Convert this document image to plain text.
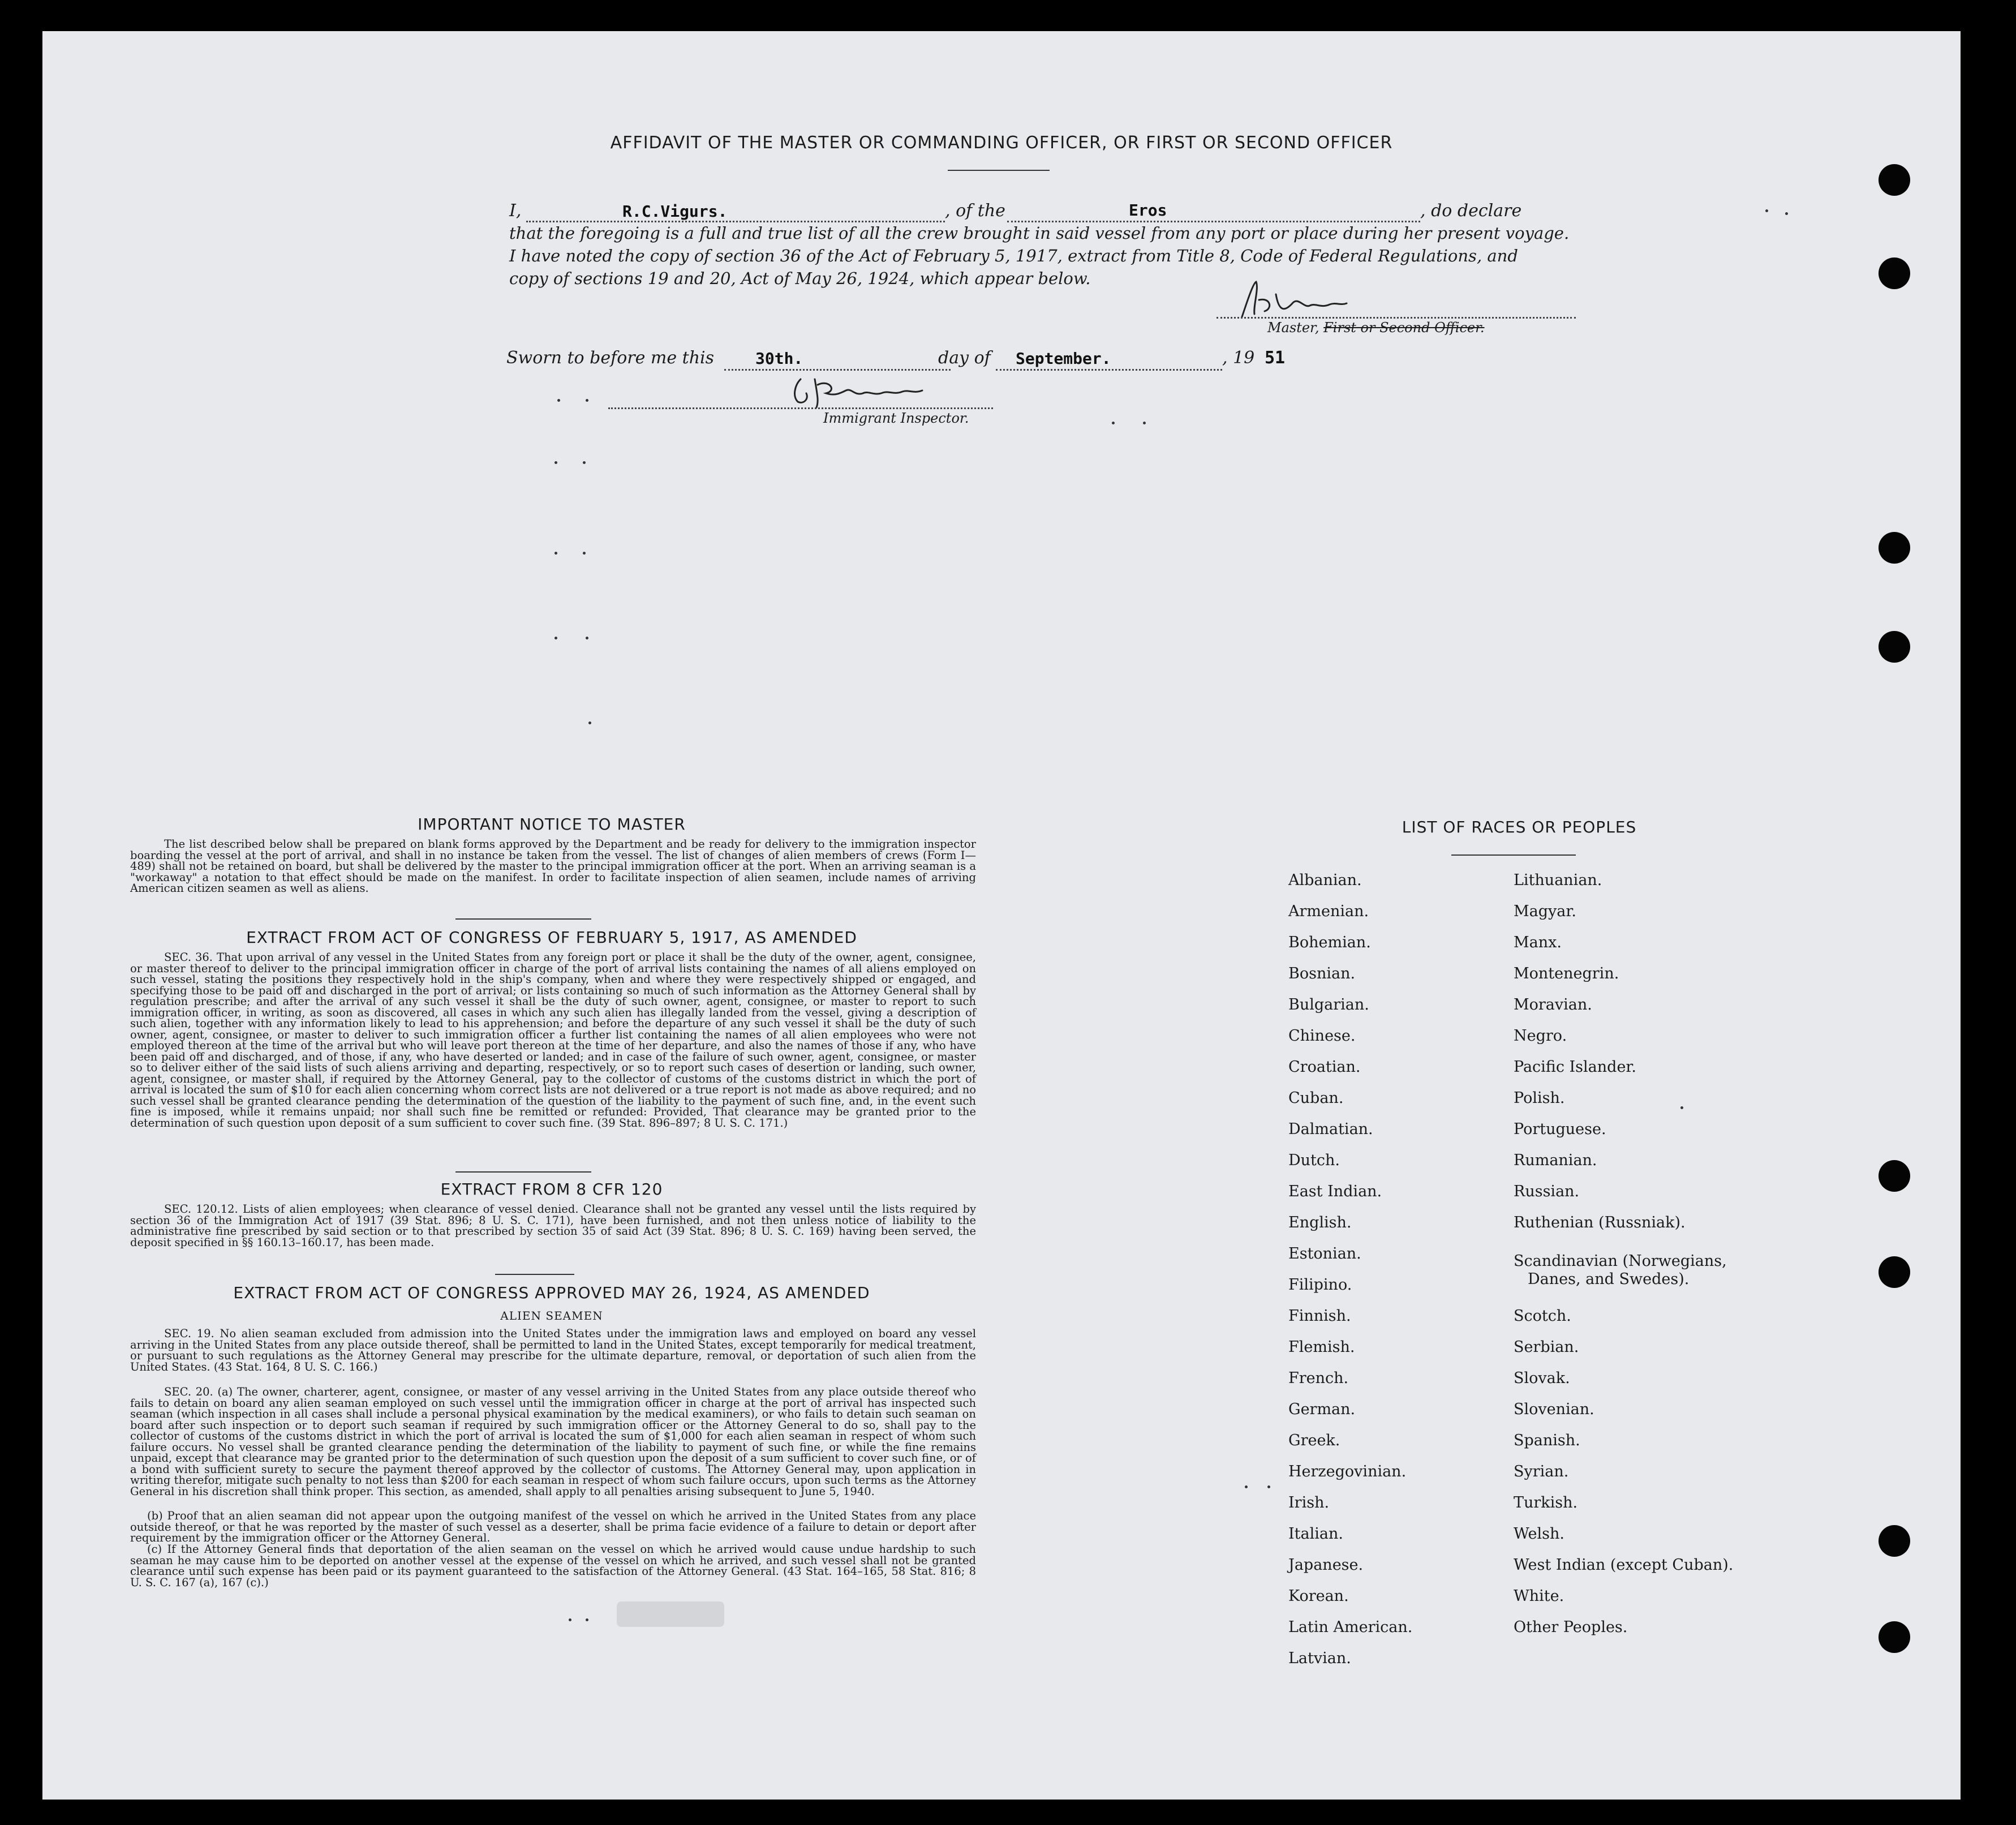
AFFIDAVIT OF THE MASTER OR COMMANDING OFFICER, OR FIRST OR SECOND OFFICER
I,	R.C.Vigurs.	, of the	Eros	, do declare
that the foregoing is a full and true list of all the crew brought in said vessel from any port or place during her present voyage.
I have noted the copy of section 36 of the Act of February 5, 1917, extract from Title 8, Code of Federal Regulations, and
copy of sections 19 and 20, Act of May 26, 1924, which appear below.
Master, First or Second Officer.
Sworn to before me this	30th.	day of September.	, 19 51
Immigrant Inspector.
IMPORTANT NOTICE TO MASTER
The list described below shall be prepared on blank forms approved by the Department and be ready for delivery to the immigration inspector boarding the vessel at the port of arrival, and shall in no instance be taken from the vessel. The list of changes of alien members of crews (Form I—489) shall not be retained on board, but shall be delivered by the master to the principal immigration officer at the port. When an arriving seaman is a "workaway" a notation to that effect should be made on the manifest. In order to facilitate inspection of alien seamen, include names of arriving American citizen seamen as well as aliens.
EXTRACT FROM ACT OF CONGRESS OF FEBRUARY 5, 1917, AS AMENDED
SEC. 36. That upon arrival of any vessel in the United States from any foreign port or place it shall be the duty of the owner, agent, consignee, or master thereof to deliver to the principal immigration officer in charge of the port of arrival lists containing the names of all aliens employed on such vessel, stating the positions they respectively hold in the ship's company, when and where they were respectively shipped or engaged, and specifying those to be paid off and discharged in the port of arrival; or lists containing so much of such information as the Attorney General shall by regulation prescribe; and after the arrival of any such vessel it shall be the duty of such owner, agent, consignee, or master to report to such immigration officer, in writing, as soon as discovered, all cases in which any such alien has illegally landed from the vessel, giving a description of such alien, together with any information likely to lead to his apprehension; and before the departure of any such vessel it shall be the duty of such owner, agent, consignee, or master to deliver to such immigration officer a further list containing the names of all alien employees who were not employed thereon at the time of the arrival but who will leave port thereon at the time of her departure, and also the names of those if any, who have been paid off and discharged, and of those, if any, who have deserted or landed; and in case of the failure of such owner, agent, consignee, or master so to deliver either of the said lists of such aliens arriving and departing, respectively, or so to report such cases of desertion or landing, such owner, agent, consignee, or master shall, if required by the Attorney General, pay to the collector of customs of the customs district in which the port of arrival is located the sum of $10 for each alien concerning whom correct lists are not delivered or a true report is not made as above required; and no such vessel shall be granted clearance pending the determination of the question of the liability to the payment of such fine, and, in the event such fine is imposed, while it remains unpaid; nor shall such fine be remitted or refunded: Provided, That clearance may be granted prior to the determination of such question upon deposit of a sum sufficient to cover such fine. (39 Stat. 896–897; 8 U. S. C. 171.)
EXTRACT FROM 8 CFR 120
SEC. 120.12. Lists of alien employees; when clearance of vessel denied. Clearance shall not be granted any vessel until the lists required by section 36 of the Immigration Act of 1917 (39 Stat. 896; 8 U. S. C. 171), have been furnished, and not then unless notice of liability to the administrative fine prescribed by said section or to that prescribed by section 35 of said Act (39 Stat. 896; 8 U. S. C. 169) having been served, the deposit specified in §§ 160.13–160.17, has been made.
EXTRACT FROM ACT OF CONGRESS APPROVED MAY 26, 1924, AS AMENDED
ALIEN SEAMEN
SEC. 19. No alien seaman excluded from admission into the United States under the immigration laws and employed on board any vessel arriving in the United States from any place outside thereof, shall be permitted to land in the United States, except temporarily for medical treatment, or pursuant to such regulations as the Attorney General may prescribe for the ultimate departure, removal, or deportation of such alien from the United States. (43 Stat. 164, 8 U. S. C. 166.)
SEC. 20. (a) The owner, charterer, agent, consignee, or master of any vessel arriving in the United States from any place outside thereof who fails to detain on board any alien seaman employed on such vessel until the immigration officer in charge at the port of arrival has inspected such seaman (which inspection in all cases shall include a personal physical examination by the medical examiners), or who fails to detain such seaman on board after such inspection or to deport such seaman if required by such immigration officer or the Attorney General to do so, shall pay to the collector of customs of the customs district in which the port of arrival is located the sum of $1,000 for each alien seaman in respect of whom such failure occurs. No vessel shall be granted clearance pending the determination of the liability to payment of such fine, or while the fine remains unpaid, except that clearance may be granted prior to the determination of such question upon the deposit of a sum sufficient to cover such fine, or of a bond with sufficient surety to secure the payment thereof approved by the collector of customs. The Attorney General may, upon application in writing therefor, mitigate such penalty to not less than $200 for each seaman in respect of whom such failure occurs, upon such terms as the Attorney General in his discretion shall think proper. This section, as amended, shall apply to all penalties arising subsequent to June 5, 1940.
(b) Proof that an alien seaman did not appear upon the outgoing manifest of the vessel on which he arrived in the United States from any place outside thereof, or that he was reported by the master of such vessel as a deserter, shall be prima facie evidence of a failure to detain or deport after requirement by the immigration officer or the Attorney General.
(c) If the Attorney General finds that deportation of the alien seaman on the vessel on which he arrived would cause undue hardship to such seaman he may cause him to be deported on another vessel at the expense of the vessel on which he arrived, and such vessel shall not be granted clearance until such expense has been paid or its payment guaranteed to the satisfaction of the Attorney General. (43 Stat. 164–165, 58 Stat. 816; 8 U. S. C. 167 (a), 167 (c).)
LIST OF RACES OR PEOPLES
Albanian.
Armenian.
Bohemian.
Bosnian.
Bulgarian.
Chinese.
Croatian.
Cuban.
Dalmatian.
Dutch.
East Indian.
English.
Estonian.
Filipino.
Finnish.
Flemish.
French.
German.
Greek.
Herzegovinian.
Irish.
Italian.
Japanese.
Korean.
Latin American.
Latvian.
Lithuanian.
Magyar.
Manx.
Montenegrin.
Moravian.
Negro.
Pacific Islander.
Polish.
Portuguese.
Rumanian.
Russian.
Ruthenian (Russniak).
Scandinavian (Norwegians,
Danes, and Swedes).
Scotch.
Serbian.
Slovak.
Slovenian.
Spanish.
Syrian.
Turkish.
Welsh.
West Indian (except Cuban).
White.
Other Peoples.
